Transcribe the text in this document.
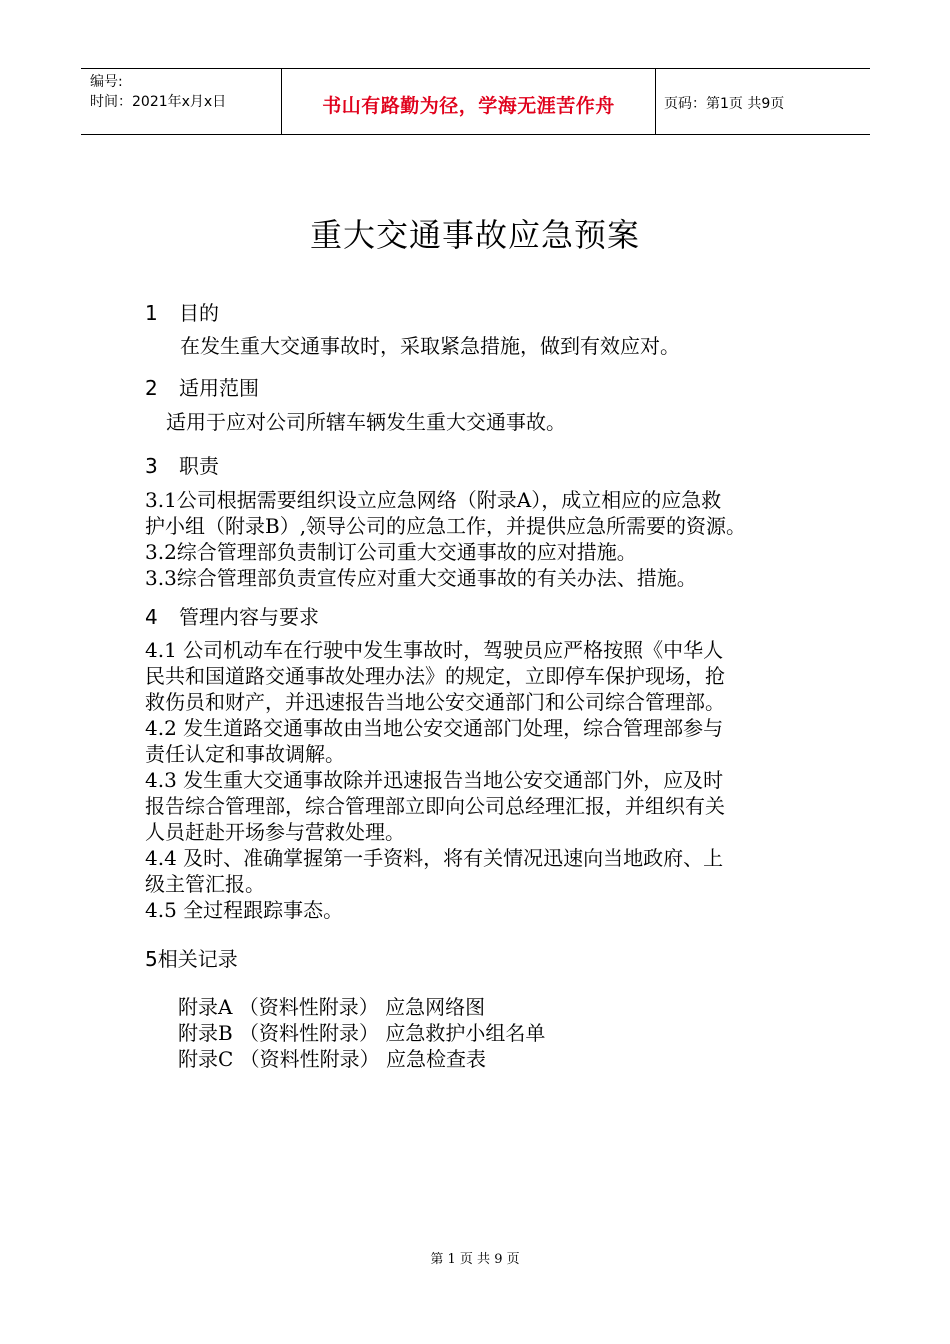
编号:
时间：2021年x月x日	书山有路勤为径，学海无涯苦作舟	页码：第1页 共9页
重大交通事故应急预案
1 目的
在发生重大交通事故时，采取紧急措施，做到有效应对。
2 适用范围
适用于应对公司所辖车辆发生重大交通事故。
3 职责
3.1公司根据需要组织设立应急网络（附录A），成立相应的应急救
护小组（附录B）,领导公司的应急工作，并提供应急所需要的资源。
3.2综合管理部负责制订公司重大交通事故的应对措施。
3.3综合管理部负责宣传应对重大交通事故的有关办法、措施。
4 管理内容与要求
4.1 公司机动车在行驶中发生事故时，驾驶员应严格按照《中华人
民共和国道路交通事故处理办法》的规定，立即停车保护现场，抢
救伤员和财产，并迅速报告当地公安交通部门和公司综合管理部。
4.2 发生道路交通事故由当地公安交通部门处理，综合管理部参与
责任认定和事故调解。
4.3 发生重大交通事故除并迅速报告当地公安交通部门外，应及时
报告综合管理部，综合管理部立即向公司总经理汇报，并组织有关
人员赶赴开场参与营救处理。
4.4 及时、准确掌握第一手资料，将有关情况迅速向当地政府、上
级主管汇报。
4.5 全过程跟踪事态。
5相关记录
附录A （资料性附录） 应急网络图
附录B （资料性附录） 应急救护小组名单
附录C （资料性附录） 应急检查表
第 1 页 共 9 页
